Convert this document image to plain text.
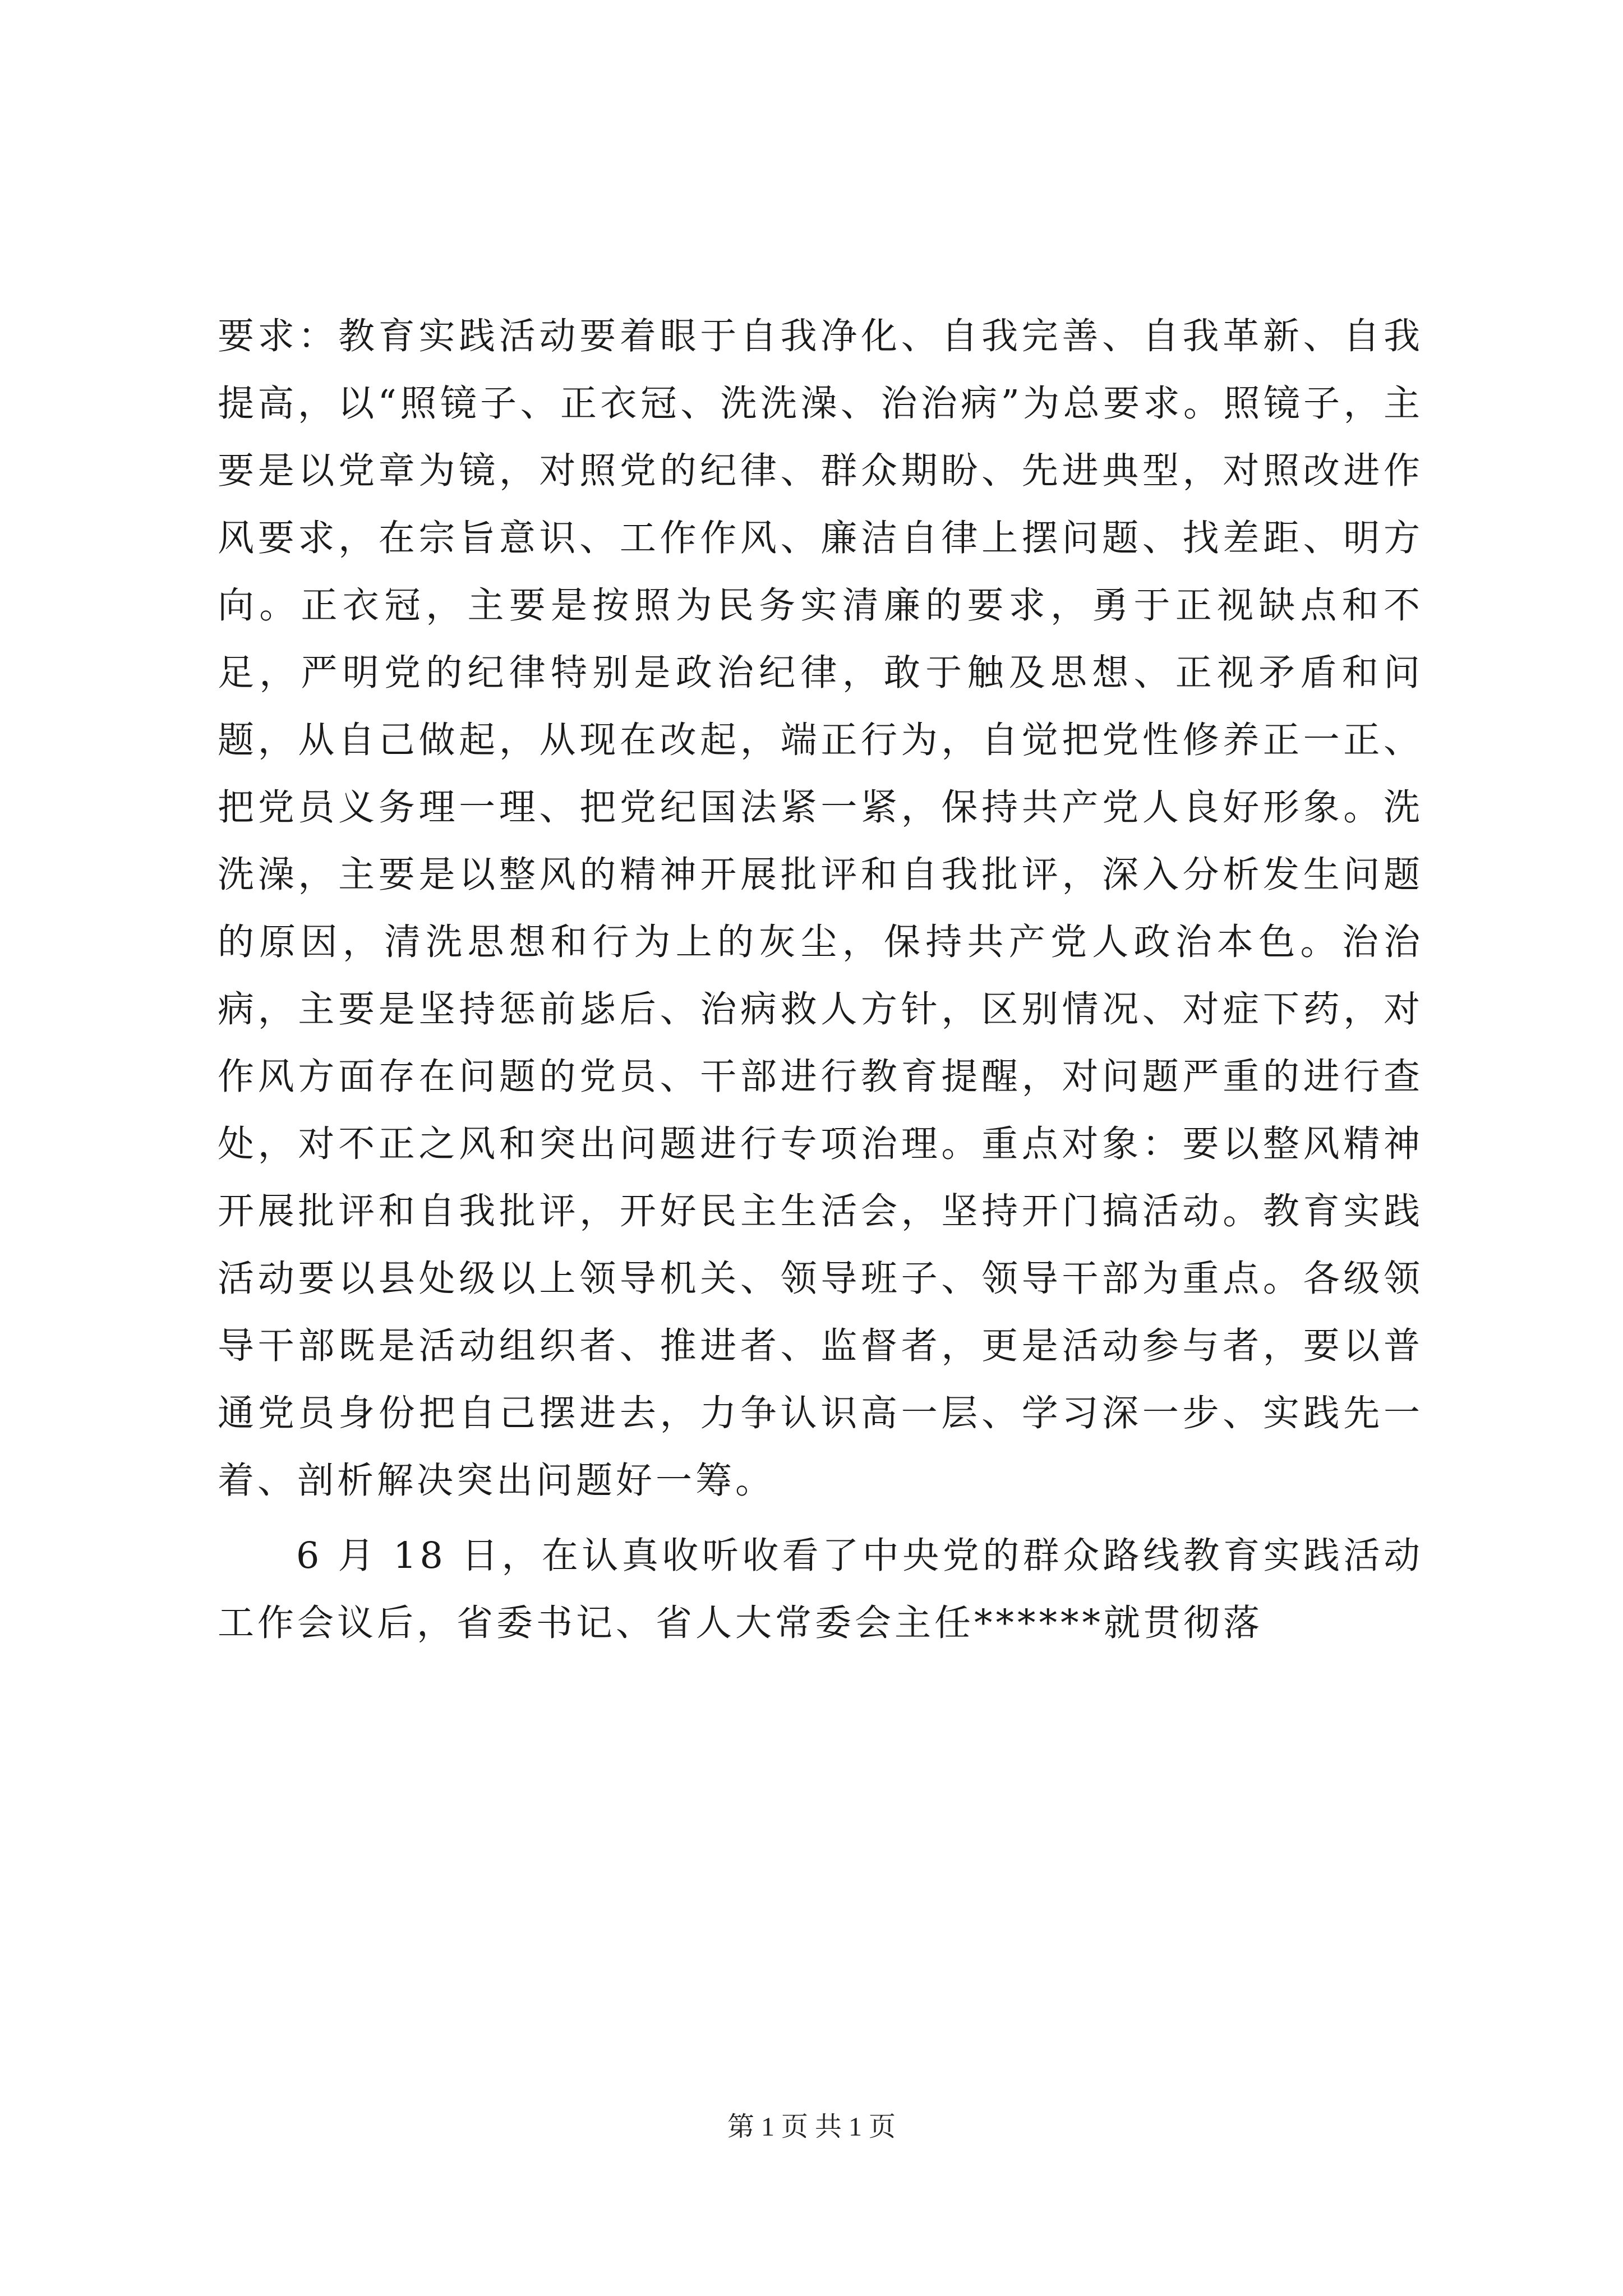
要求：教育实践活动要着眼于自我净化、自我完善、自我革新、自我提高，以“照镜子、正衣冠、洗洗澡、治治病”为总要求。照镜子，主要是以党章为镜，对照党的纪律、群众期盼、先进典型，对照改进作风要求，在宗旨意识、工作作风、廉洁自律上摆问题、找差距、明方向。正衣冠，主要是按照为民务实清廉的要求，勇于正视缺点和不足，严明党的纪律特别是政治纪律，敢于触及思想、正视矛盾和问题，从自己做起，从现在改起，端正行为，自觉把党性修养正一正、把党员义务理一理、把党纪国法紧一紧，保持共产党人良好形象。洗洗澡，主要是以整风的精神开展批评和自我批评，深入分析发生问题的原因，清洗思想和行为上的灰尘，保持共产党人政治本色。治治病，主要是坚持惩前毖后、治病救人方针，区别情况、对症下药，对作风方面存在问题的党员、干部进行教育提醒，对问题严重的进行查处，对不正之风和突出问题进行专项治理。重点对象：要以整风精神开展批评和自我批评，开好民主生活会，坚持开门搞活动。教育实践活动要以县处级以上领导机关、领导班子、领导干部为重点。各级领导干部既是活动组织者、推进者、监督者，更是活动参与者，要以普通党员身份把自己摆进去，力争认识高一层、学习深一步、实践先一着、剖析解决突出问题好一筹。

6 月 18 日，在认真收听收看了中央党的群众路线教育实践活动工作会议后，省委书记、省人大常委会主任******就贯彻落

第 1 页 共 1 页
